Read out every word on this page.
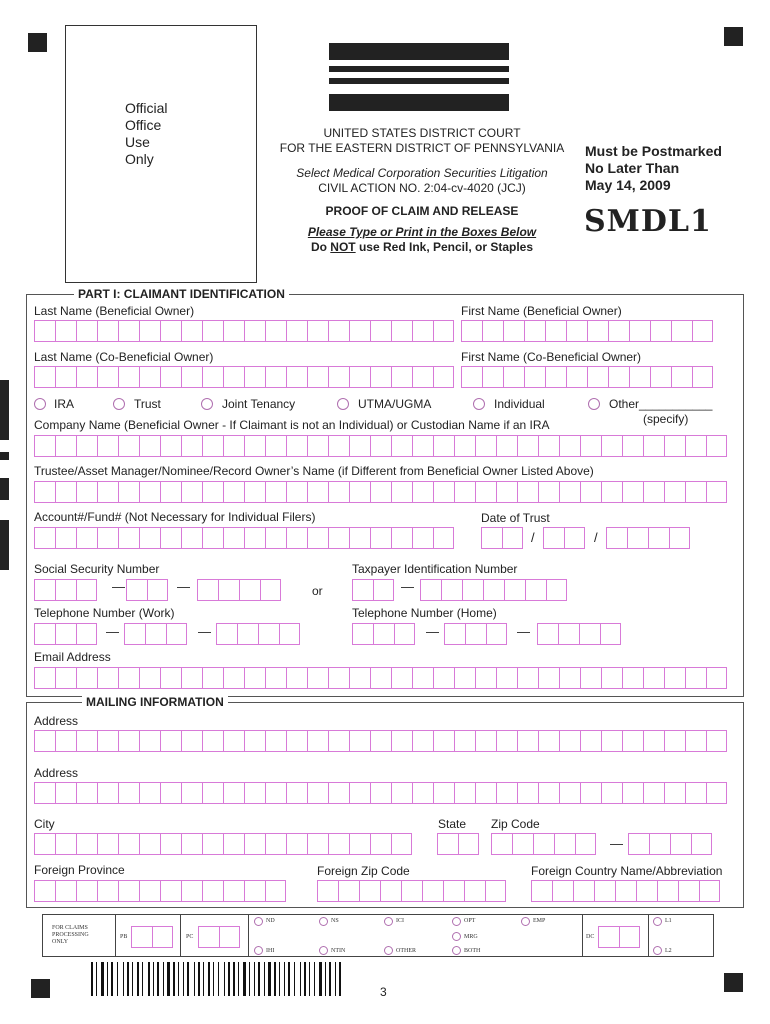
Official
Office
Use
Only
UNITED STATES DISTRICT COURT
FOR THE EASTERN DISTRICT OF PENNSYLVANIA
Select Medical Corporation Securities Litigation
CIVIL ACTION NO. 2:04-cv-4020 (JCJ)
PROOF OF CLAIM AND RELEASE
Please Type or Print in the Boxes Below
Do NOT use Red Ink, Pencil, or Staples
Must be Postmarked
No Later Than
May 14, 2009
SMDL1
PART I: CLAIMANT IDENTIFICATION
Last Name (Beneficial Owner)	First Name (Beneficial Owner)
Last Name (Co-Beneficial Owner)	First Name (Co-Beneficial Owner)
IRA	Trust	Joint Tenancy	UTMA/UGMA	Individual	Other___________
(specify)
Company Name (Beneficial Owner - If Claimant is not an Individual) or Custodian Name if an IRA
Trustee/Asset Manager/Nominee/Record Owner’s Name (if Different from Beneficial Owner Listed Above)
Account#/Fund# (Not Necessary for Individual Filers)	Date of Trust
/	/
Social Security Number
—	—	or
Taxpayer Identification Number
—
Telephone Number (Work)
—	—
Telephone Number (Home)
—	—
Email Address
MAILING INFORMATION
Address
Address
City	State Zip Code
—
Foreign Province	Foreign Zip Code	Foreign Country Name/Abbreviation
FOR CLAIMS
PROCESSING
ONLY
PB	PC	DC
ND	NS	ICI	OPT	EMP	L1
MRG
IHI	NTIN	OTHER	BOTH	L2
3
